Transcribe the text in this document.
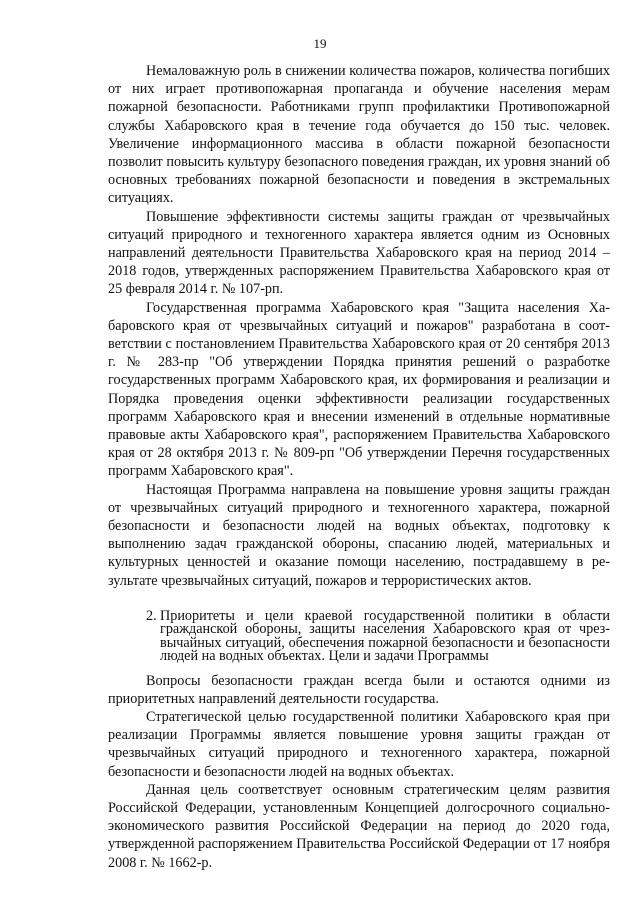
19

Немаловажную роль в снижении количества пожаров, количества погибших от них играет противопожарная пропаганда и обучение населения мерам пожарной безопасности. Работниками групп профилактики Противопожарной службы Хабаровского края в течение года обучается до 150 тыс. человек. Увеличение информационного массива в области пожарной безопасности позволит повысить культуру безопасного поведения граждан, их уровня знаний об основных требованиях пожарной безопасности и поведения в экстремальных ситуациях.

Повышение эффективности системы защиты граждан от чрезвычайных ситуаций природного и техногенного характера является одним из Основных направлений деятельности Правительства Хабаровского края на период 2014 – 2018 годов, утвержденных распоряжением Правительства Хабаровского края от 25 февраля 2014 г. № 107-рп.

Государственная программа Хабаровского края "Защита населения Хабаровского края от чрезвычайных ситуаций и пожаров" разработана в соответствии с постановлением Правительства Хабаровского края от 20 сентября 2013 г. № 283-пр "Об утверждении Порядка принятия решений о разработке государственных программ Хабаровского края, их формирования и реализации и Порядка проведения оценки эффективности реализации государственных программ Хабаровского края и внесении изменений в отдельные нормативные правовые акты Хабаровского края", распоряжением Правительства Хабаровского края от 28 октября 2013 г. № 809-рп "Об утверждении Перечня государственных программ Хабаровского края".

Настоящая Программа направлена на повышение уровня защиты граждан от чрезвычайных ситуаций природного и техногенного характера, пожарной безопасности и безопасности людей на водных объектах, подготовку к выполнению задач гражданской обороны, спасанию людей, материальных и культурных ценностей и оказание помощи населению, пострадавшему в результате чрезвычайных ситуаций, пожаров и террористических актов.

2. Приоритеты и цели краевой государственной политики в области гражданской обороны, защиты населения Хабаровского края от чрезвычайных ситуаций, обеспечения пожарной безопасности и безопасности людей на водных объектах. Цели и задачи Программы

Вопросы безопасности граждан всегда были и остаются одними из приоритетных направлений деятельности государства.

Стратегической целью государственной политики Хабаровского края при реализации Программы является повышение уровня защиты граждан от чрезвычайных ситуаций природного и техногенного характера, пожарной безопасности и безопасности людей на водных объектах.

Данная цель соответствует основным стратегическим целям развития Российской Федерации, установленным Концепцией долгосрочного социально-экономического развития Российской Федерации на период до 2020 года, утвержденной распоряжением Правительства Российской Федерации от 17 ноября 2008 г. № 1662-р.
